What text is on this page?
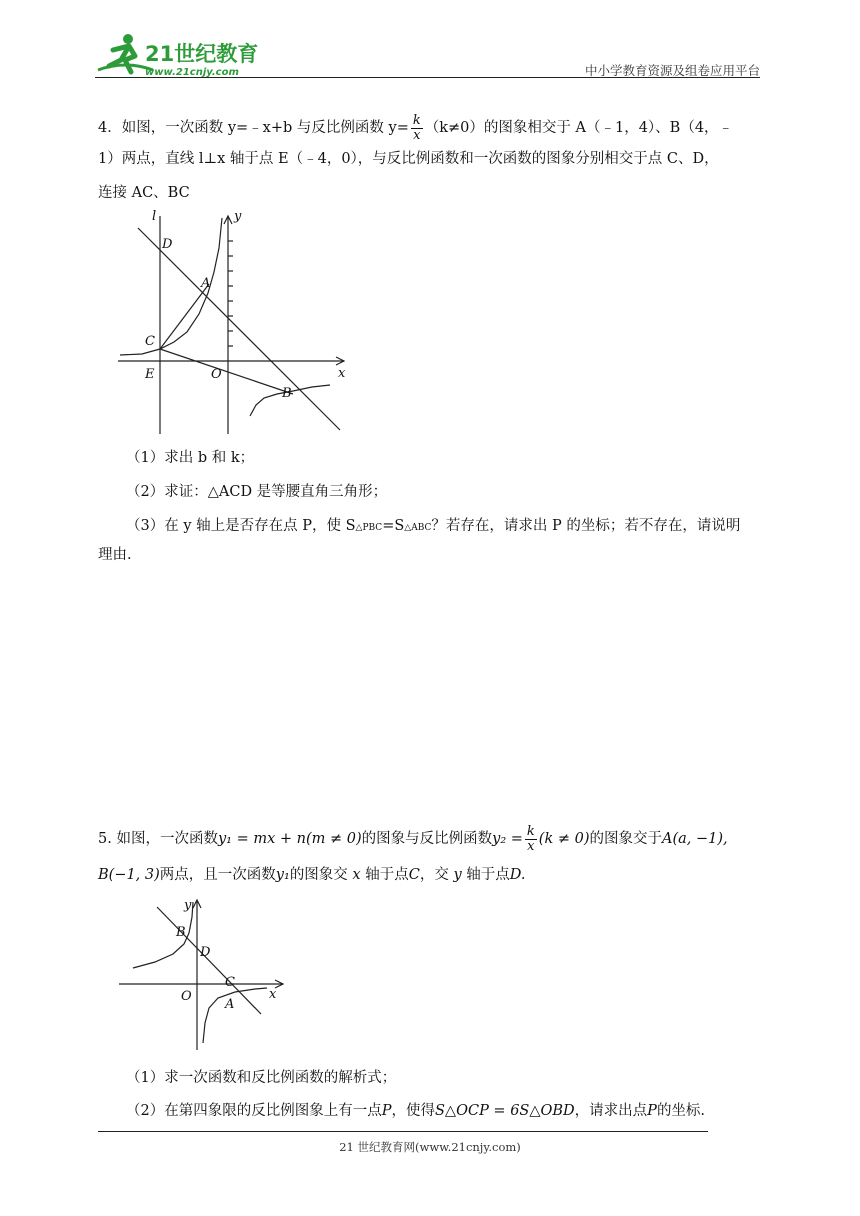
21世纪教育
www.21cnjy.com	中小学教育资源及组卷应用平台
4．如图，一次函数 y=﹣x+b 与反比例函数 $y= \frac{k}{x} (k\ne 0)$的图象相交于 A（﹣1，4）、B（4，﹣
1）两点，直线 l⊥x 轴于点 E（﹣4，0），与反比例函数和一次函数的图象分别相交于点 C、D，
连接 AC、BC
l	y
x
D
A
C
E	O
B
（1）求出 b 和 k；
（2）求证：△ACD 是等腰直角三角形；
（3）在 y 轴上是否存在点 P，使 S△PBC=S△ABC？若存在，请求出 P 的坐标；若不存在，请说明
理由.
5. 如图，一次函数y₁ = mx + n(m ≠ 0)的图象与反比例函数$y_2 = \frac{k}{x} (k \ne 0)$的图象交于A(a, −1),
B(−1, 3)两点，且一次函数y₁的图象交 x 轴于点C，交 y 轴于点D.
y
x
B
D
C
O
A
（1）求一次函数和反比例函数的解析式；
（2）在第四象限的反比例图象上有一点P，使得S△OCP = 6S△OBD，请求出点P的坐标.
21 世纪教育网(www.21cnjy.com)
